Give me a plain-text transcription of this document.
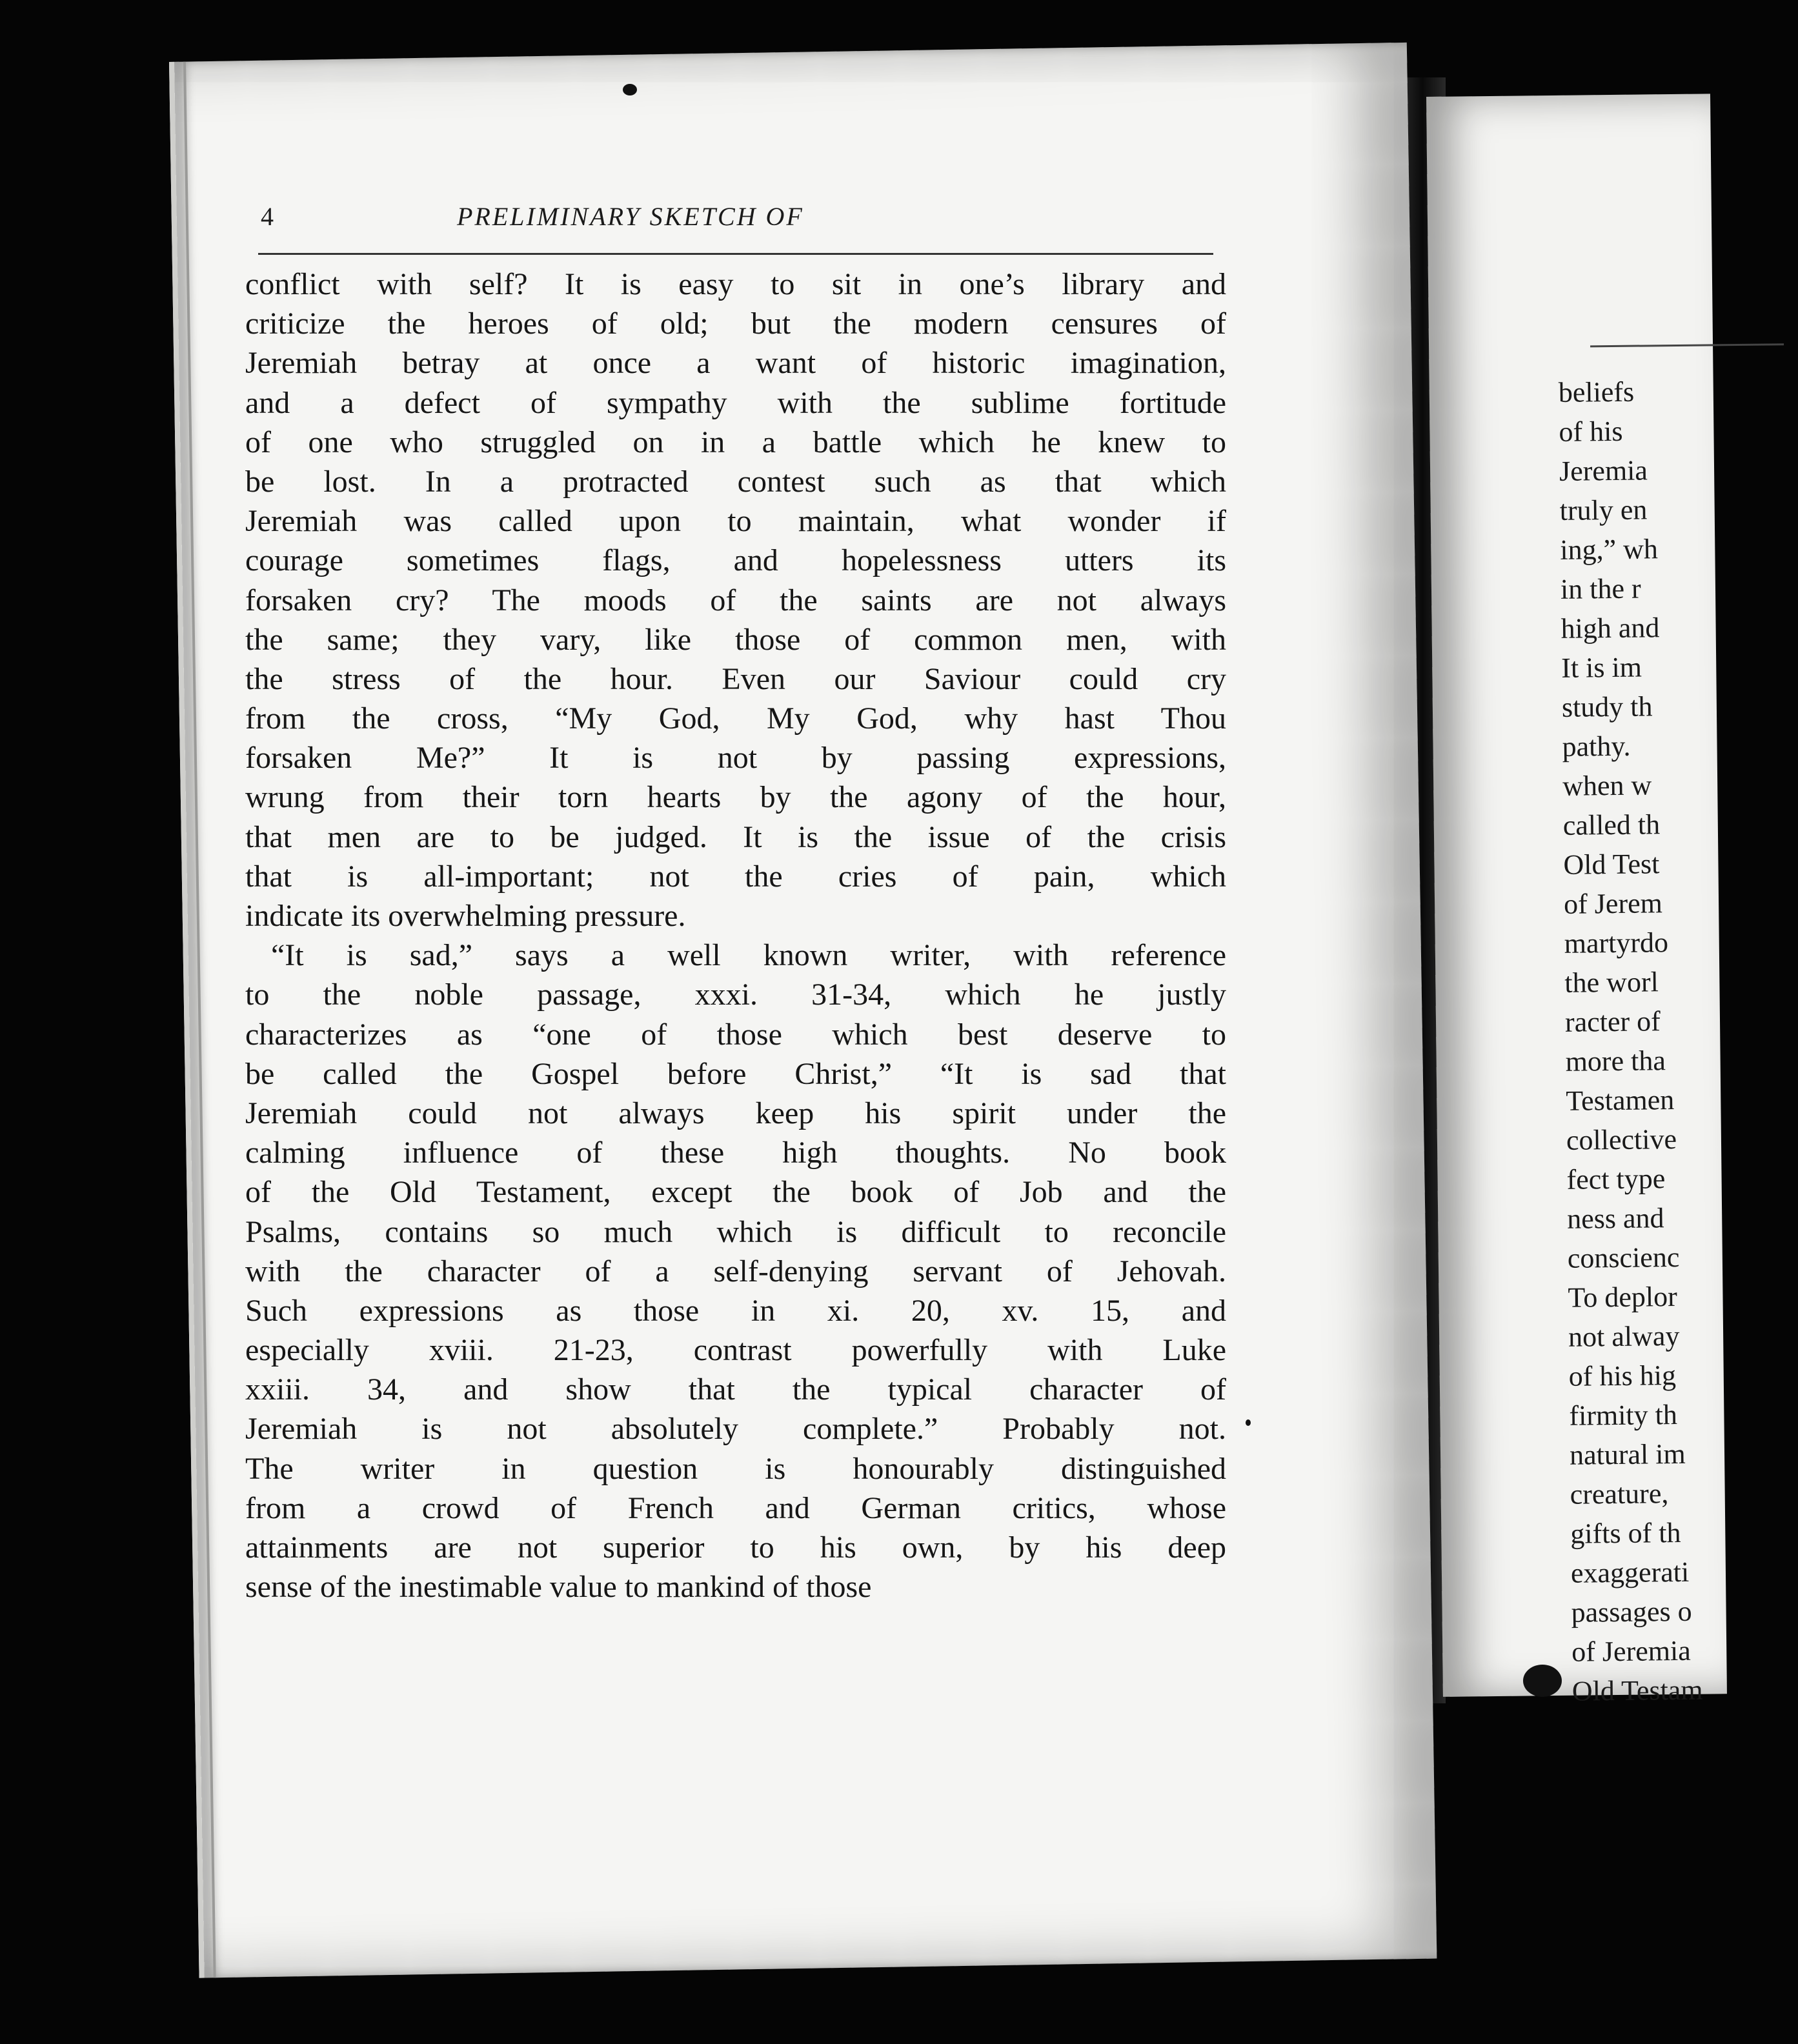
beliefs
of his
Jeremia
truly en
ing,” wh
in the r
high and
It is im
study th
pathy.
when w
called th
Old Test
of Jerem
martyrdo
the worl
racter of
more tha
Testamen
collective
fect type
ness and
conscienc
To deplor
not alway
of his hig
firmity th
natural im
creature,
gifts of th
exaggerati
passages o
of Jeremia
Old Testam
4	PRELIMINARY SKETCH OF
conflict with self? It is easy to sit in one’s library and
criticize the heroes of old; but the modern censures of
Jeremiah betray at once a want of historic imagination,
and a defect of sympathy with the sublime fortitude
of one who struggled on in a battle which he knew to
be lost. In a protracted contest such as that which
Jeremiah was called upon to maintain, what wonder if
courage sometimes flags, and hopelessness utters its
forsaken cry? The moods of the saints are not always
the same; they vary, like those of common men, with
the stress of the hour. Even our Saviour could cry
from the cross, “My God, My God, why hast Thou
forsaken Me?” It is not by passing expressions,
wrung from their torn hearts by the agony of the hour,
that men are to be judged. It is the issue of the crisis
that is all-important; not the cries of pain, which
indicate its overwhelming pressure.
“It is sad,” says a well known writer, with reference
to the noble passage, xxxi. 31-34, which he justly
characterizes as “one of those which best deserve to
be called the Gospel before Christ,” “It is sad that
Jeremiah could not always keep his spirit under the
calming influence of these high thoughts. No book
of the Old Testament, except the book of Job and the
Psalms, contains so much which is difficult to reconcile
with the character of a self-denying servant of Jehovah.
Such expressions as those in xi. 20, xv. 15, and
especially xviii. 21-23, contrast powerfully with Luke
xxiii. 34, and show that the typical character of
Jeremiah is not absolutely complete.” Probably not.
The writer in question is honourably distinguished
from a crowd of French and German critics, whose
attainments are not superior to his own, by his deep
sense of the inestimable value to mankind of those
